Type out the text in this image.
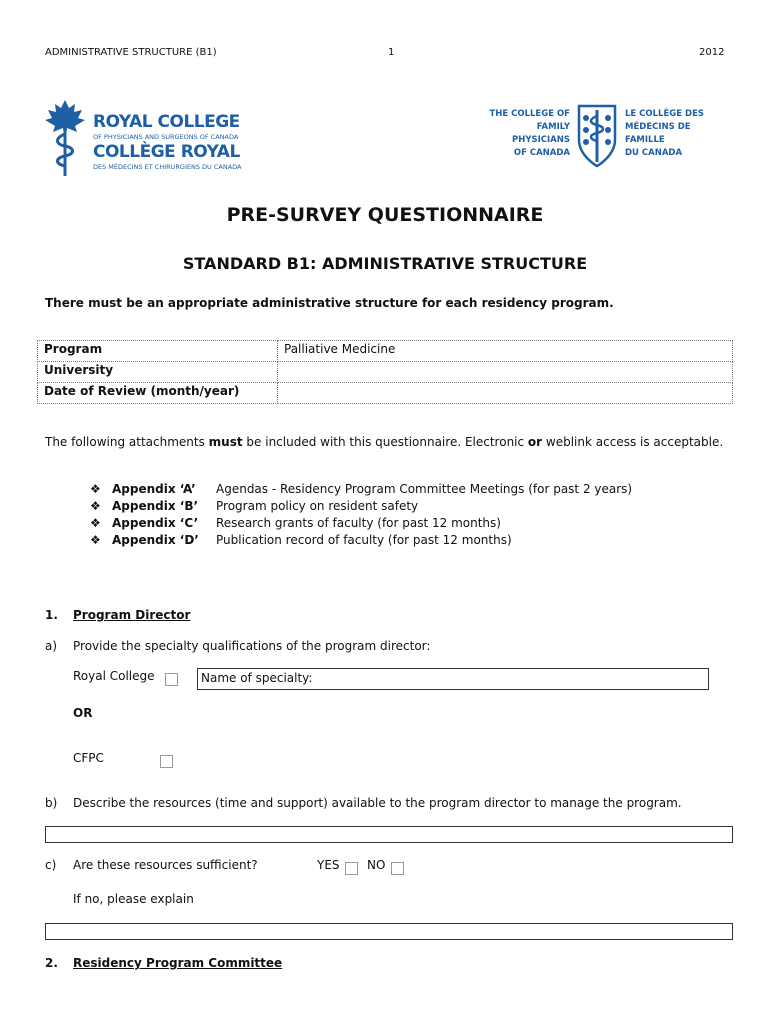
ADMINISTRATIVE STRUCTURE (B1)	1	2012
ROYAL COLLEGE
OF PHYSICIANS AND SURGEONS OF CANADA
COLLÈGE ROYAL
DES MÉDECINS ET CHIRURGIENS DU CANADA
THE COLLEGE OF
FAMILY PHYSICIANS
OF CANADA
LE COLLÈGE DES
MÉDECINS DE FAMILLE
DU CANADA
PRE-SURVEY QUESTIONNAIRE
STANDARD B1: ADMINISTRATIVE STRUCTURE
There must be an appropriate administrative structure for each residency program.
Program	Palliative Medicine
University	
Date of Review (month/year)	
The following attachments must be included with this questionnaire. Electronic or weblink access is acceptable.
❖ Appendix ‘A’	Agendas - Residency Program Committee Meetings (for past 2 years)
❖ Appendix ‘B’	Program policy on resident safety
❖ Appendix ‘C’	Research grants of faculty (for past 12 months)
❖ Appendix ‘D’	Publication record of faculty (for past 12 months)
1. Program Director
a) Provide the specialty qualifications of the program director:
Royal College	Name of specialty:
OR
CFPC
b) Describe the resources (time and support) available to the program director to manage the program.
c) Are these resources sufficient?	YES NO
If no, please explain
2. Residency Program Committee
